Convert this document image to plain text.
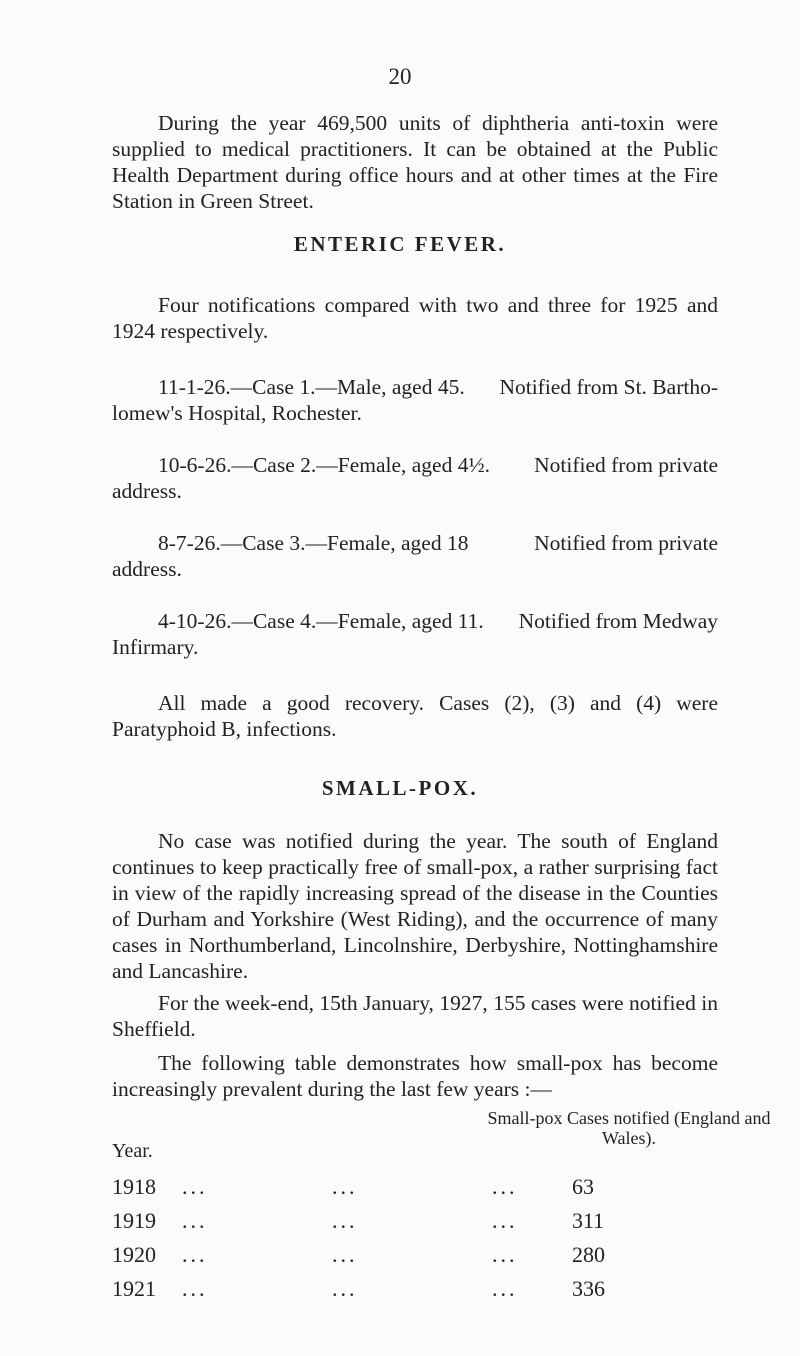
20

During the year 469,500 units of diphtheria anti-toxin were supplied to medical practitioners. It can be obtained at the Public Health Department during office hours and at other times at the Fire Station in Green Street.

ENTERIC FEVER.

Four notifications compared with two and three for 1925 and 1924 respectively.

11-1-26.—Case 1.—Male, aged 45. Notified from St. Bartho-
lomew's Hospital, Rochester.
10-6-26.—Case 2.—Female, aged 4½. Notified from private
address.
8-7-26.—Case 3.—Female, aged 18	Notified from private
address.
4-10-26.—Case 4.—Female, aged 11. Notified from Medway
Infirmary.

All made a good recovery. Cases (2), (3) and (4) were Paratyphoid B, infections.

SMALL-POX.

No case was notified during the year. The south of England continues to keep practically free of small-pox, a rather surprising fact in view of the rapidly increasing spread of the disease in the Counties of Durham and Yorkshire (West Riding), and the occurrence of many cases in Northumberland, Lincolnshire, Derbyshire, Nottinghamshire and Lancashire.

For the week-end, 15th January, 1927, 155 cases were notified in Sheffield.

The following table demonstrates how small-pox has become increasingly prevalent during the last few years :—

Year.
Small-pox Cases notified (England and Wales).
1918	...	...	...	63
1919	...	...	...	311
1920	...	...	...	280
1921	...	...	...	336
